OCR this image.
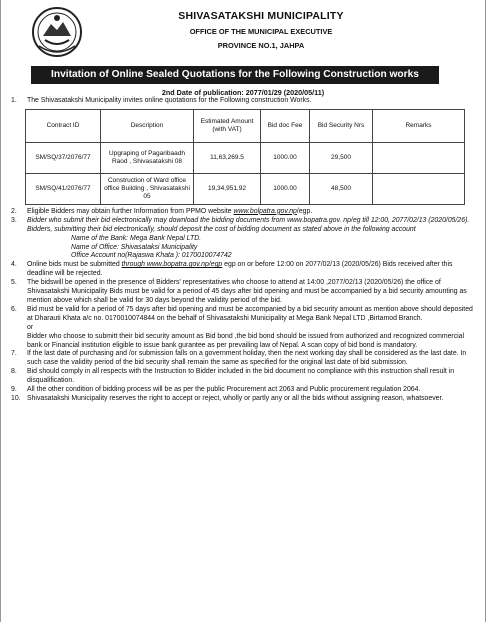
SHIVASATAKSHI MUNICIPALITY
OFFICE OF THE MUNICIPAL EXECUTIVE
PROVINCE NO.1, JAHPA
Invitation of Online Sealed Quotations for the Following Construction works
2nd Date of publication: 2077/01/29 (2020/05/11)
1. The Shivasatakshi Municipality invites online quotations for the Following construction Works.
Contract ID	Description	Estimated Amount (with VAT)	Bid doc Fee	Bid Security Nrs	Remarks
SM/SQ/37/2076/77	Upgraping of Pagaribaadh Raod , Shivasatakshi 08	11,63,269.5	1000.00	29,500	
SM/SQ/41/2076/77	Construction of Ward office office Building , Shivasatakshi 05	19,34,951.92	1000.00	48,500	
2. Eligible Bidders may obtain further Information from PPMO website www.bolpatra.gov.np/egp.
3. Bidder who submit their bid electronically may download the bidding documents from www.bopatra.gov. np/eg till 12:00, 2077/02/13 (2020/05/26). Bidders, submitting their bid electronically, should deposit the cost of bidding document as stated above in the following account
Name of the Bank: Mega Bank Nepal LTD.
Name of Office: Shivasataksi Municipality
Office Account no(Rajaswa Khata ): 0170010074742
4. Online bids must be submitted through www.bopatra.gov.np/egp egp on or before 12:00 on 2077/02/13 (2020/05/26) Bids received after this deadline will be rejected.
5. The bidswill be opened in the presence of Bidders' representatives who choose to attend at 14:00 ,2077/02/13 (2020/05/26) the office of Shivasatakshi Municipality Bids must be valid for a period of 45 days after bid opening and must be accompanied by a bid security amounting as mention above which shall be valid for 30 days beyond the validity period of the bid.
6. Bid must be valid for a period of 75 days after bid opening and must be accompanied by a bid security amount as mention above should deposited at Dharauti Khata a/c no. 0170010074844 on the behalf of Shivasatakshi Municipality at Mega Bank Nepal LTD ,Birtamod Branch.
or
Bidder who choose to submitt their bid security amount as Bid bond ,the bid bond should be issued from authorized and recognized commercial bank or Financial institution eligible to issue bank gurantee as per prevailing law of Nepal. A scan copy of bid bond is mandatory.
7. If the last date of purchasing and /or submission falls on a government holiday, then the next working day shall be considered as the last date. In such case the validity period of the bid security shall remain the same as specified for the original last date of bid submission.
8. Bid should comply in all respects with the Instruction to Bidder included in the bid document no compliance with this instruction shall result in disqualification.
9. All the other condition of bidding process will be as per the public Procurement act 2063 and Public procurement regulation 2064.
10. Shivasatakshi Municipality reserves the right to accept or reject, wholly or partly any or all the bids without assigning reason, whatsoever.
